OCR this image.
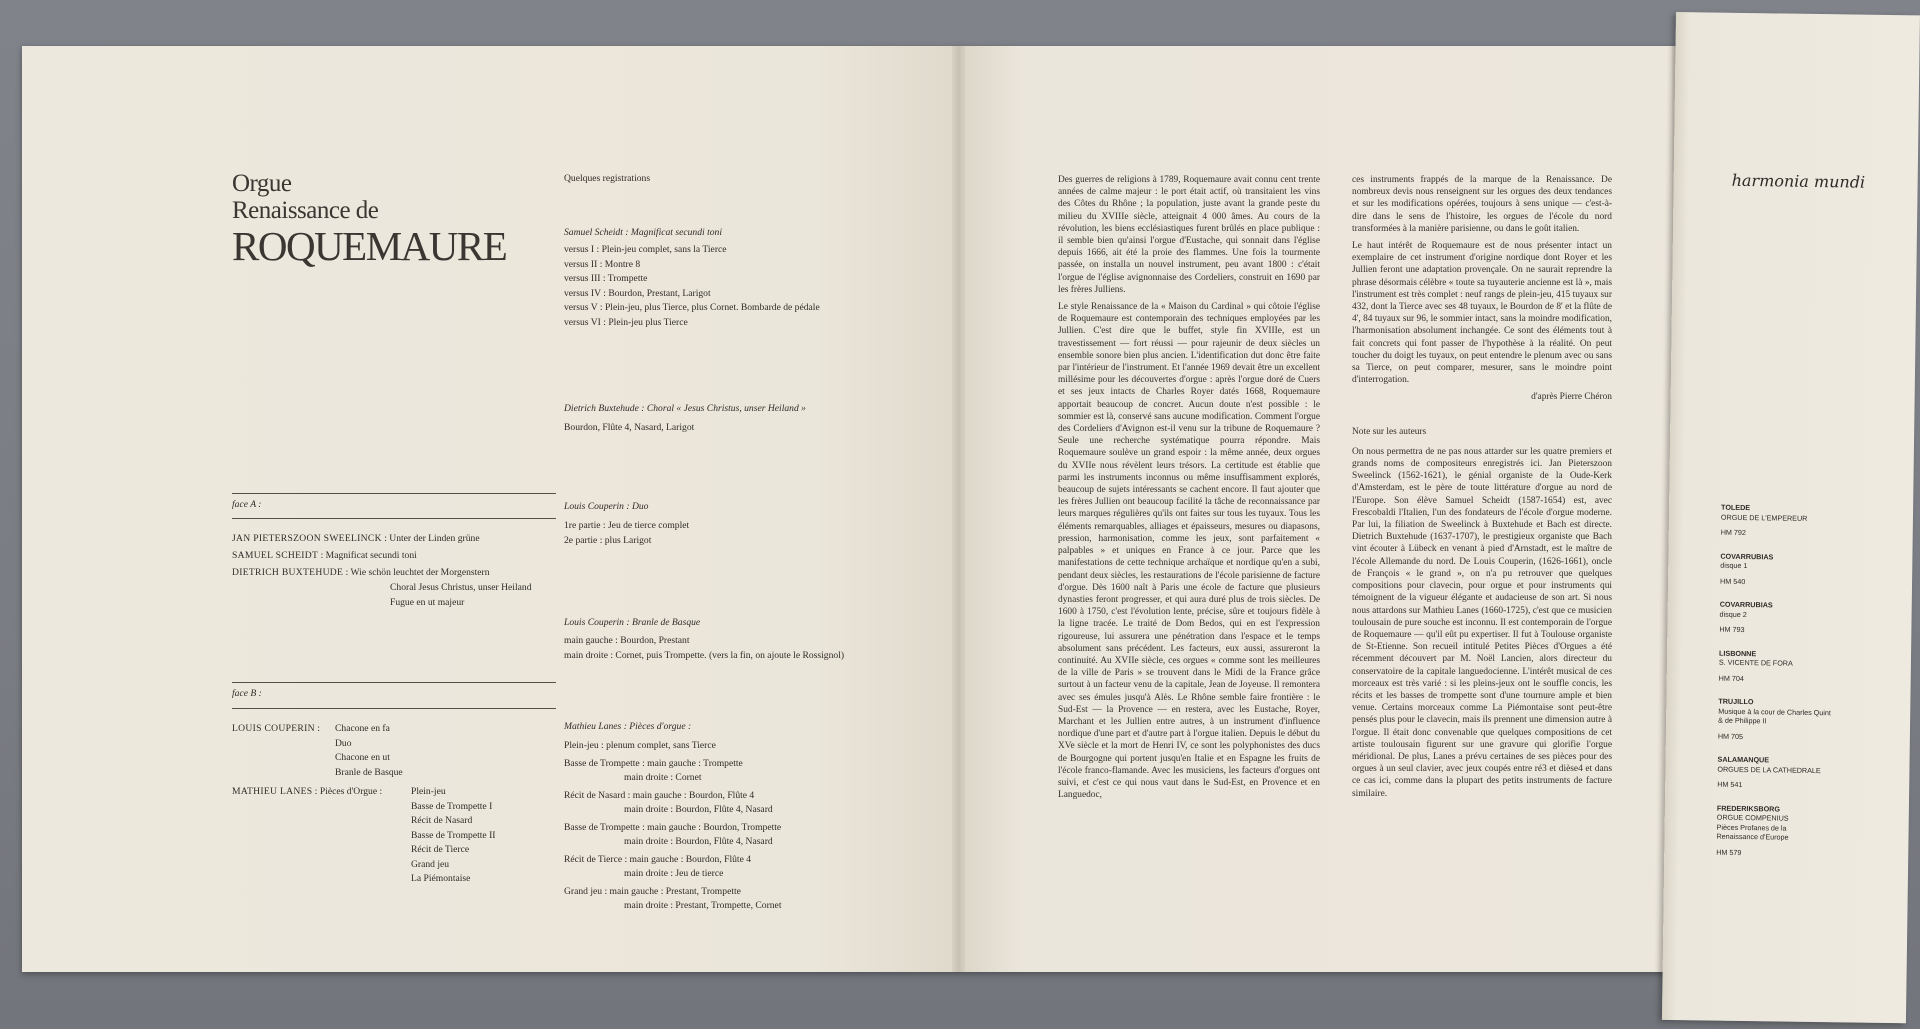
Orgue
Renaissance de
ROQUEMAURE
Quelques registrations
Samuel Scheidt : Magnificat secundi toni
versus I : Plein-jeu complet, sans la Tierce
versus II : Montre 8
versus III : Trompette
versus IV : Bourdon, Prestant, Larigot
versus V : Plein-jeu, plus Tierce, plus Cornet. Bombarde de pédale
versus VI : Plein-jeu plus Tierce
Dietrich Buxtehude : Choral « Jesus Christus, unser Heiland »
Bourdon, Flûte 4, Nasard, Larigot
Louis Couperin : Duo
1re partie : Jeu de tierce complet
2e partie : plus Larigot
Louis Couperin : Branle de Basque
main gauche : Bourdon, Prestant
main droite : Cornet, puis Trompette. (vers la fin, on ajoute le Rossignol)
Mathieu Lanes : Pièces d'orgue :
Plein-jeu : plenum complet, sans Tierce
Basse de Trompette : main gauche : Trompette
main droite : Cornet
Récit de Nasard : main gauche : Bourdon, Flûte 4
main droite : Bourdon, Flûte 4, Nasard
Basse de Trompette : main gauche : Bourdon, Trompette
main droite : Bourdon, Flûte 4, Nasard
Récit de Tierce : main gauche : Bourdon, Flûte 4
main droite : Jeu de tierce
Grand jeu : main gauche : Prestant, Trompette
main droite : Prestant, Trompette, Cornet
face A :
JAN PIETERSZOON SWEELINCK : Unter der Linden grüne
SAMUEL SCHEIDT : Magnificat secundi toni
DIETRICH BUXTEHUDE : Wie schön leuchtet der Morgenstern
Choral Jesus Christus, unser Heiland
Fugue en ut majeur
face B :
LOUIS COUPERIN : Chacone en fa
Duo
Chacone en ut
Branle de Basque
MATHIEU LANES : Pièces d'Orgue :	Plein-jeu
Basse de Trompette I
Récit de Nasard
Basse de Trompette II
Récit de Tierce
Grand jeu
La Piémontaise

Des guerres de religions à 1789, Roquemaure avait connu cent trente années de calme majeur : le port était actif, où transitaient les vins des Côtes du Rhône ; la population, juste avant la grande peste du milieu du XVIIIe siècle, atteignait 4 000 âmes. Au cours de la révolution, les biens ecclésiastiques furent brûlés en place publique : il semble bien qu'ainsi l'orgue d'Eustache, qui sonnait dans l'église depuis 1666, ait été la proie des flammes. Une fois la tourmente passée, on installa un nouvel instrument, peu avant 1800 : c'était l'orgue de l'église avignonnaise des Cordeliers, construit en 1690 par les frères Julliens.

Le style Renaissance de la « Maison du Cardinal » qui côtoie l'église de Roquemaure est contemporain des techniques employées par les Jullien. C'est dire que le buffet, style fin XVIIIe, est un travestissement — fort réussi — pour rajeunir de deux siècles un ensemble sonore bien plus ancien. L'identification dut donc être faite par l'intérieur de l'instrument. Et l'année 1969 devait être un excellent millésime pour les découvertes d'orgue : après l'orgue doré de Cuers et ses jeux intacts de Charles Royer datés 1668, Roquemaure apportait beaucoup de concret. Aucun doute n'est possible : le sommier est là, conservé sans aucune modification. Comment l'orgue des Cordeliers d'Avignon est-il venu sur la tribune de Roquemaure ? Seule une recherche systématique pourra répondre. Mais Roquemaure soulève un grand espoir : la même année, deux orgues du XVIIe nous révèlent leurs trésors. La certitude est établie que parmi les instruments inconnus ou même insuffisamment explorés, beaucoup de sujets intéressants se cachent encore. Il faut ajouter que les frères Jullien ont beaucoup facilité la tâche de reconnaissance par leurs marques régulières qu'ils ont faites sur tous les tuyaux. Tous les éléments remarquables, alliages et épaisseurs, mesures ou diapasons, pression, harmonisation, comme les jeux, sont parfaitement « palpables » et uniques en France à ce jour. Parce que les manifestations de cette technique archaïque et nordique qu'en a subi, pendant deux siècles, les restaurations de l'école parisienne de facture d'orgue. Dès 1600 naît à Paris une école de facture que plusieurs dynasties feront progresser, et qui aura duré plus de trois siècles. De 1600 à 1750, c'est l'évolution lente, précise, sûre et toujours fidèle à la ligne tracée. Le traité de Dom Bedos, qui en est l'expression rigoureuse, lui assurera une pénétration dans l'espace et le temps absolument sans précédent. Les facteurs, eux aussi, assureront la continuité. Au XVIIe siècle, ces orgues « comme sont les meilleures de la ville de Paris » se trouvent dans le Midi de la France grâce surtout à un facteur venu de la capitale, Jean de Joyeuse. Il remontera avec ses émules jusqu'à Alès. Le Rhône semble faire frontière : le Sud-Est — la Provence — en restera, avec les Eustache, Royer, Marchant et les Jullien entre autres, à un instrument d'influence nordique d'une part et d'autre part à l'orgue italien. Depuis le début du XVe siècle et la mort de Henri IV, ce sont les polyphonistes des ducs de Bourgogne qui portent jusqu'en Italie et en Espagne les fruits de l'école franco-flamande. Avec les musiciens, les facteurs d'orgues ont suivi, et c'est ce qui nous vaut dans le Sud-Est, en Provence et en Languedoc,

ces instruments frappés de la marque de la Renaissance. De nombreux devis nous renseignent sur les orgues des deux tendances et sur les modifications opérées, toujours à sens unique — c'est-à-dire dans le sens de l'histoire, les orgues de l'école du nord transformées à la manière parisienne, ou dans le goût italien.

Le haut intérêt de Roquemaure est de nous présenter intact un exemplaire de cet instrument d'origine nordique dont Royer et les Jullien feront une adaptation provençale. On ne saurait reprendre la phrase désormais célèbre « toute sa tuyauterie ancienne est là », mais l'instrument est très complet : neuf rangs de plein-jeu, 415 tuyaux sur 432, dont la Tierce avec ses 48 tuyaux, le Bourdon de 8' et la flûte de 4', 84 tuyaux sur 96, le sommier intact, sans la moindre modification, l'harmonisation absolument inchangée. Ce sont des éléments tout à fait concrets qui font passer de l'hypothèse à la réalité. On peut toucher du doigt les tuyaux, on peut entendre le plenum avec ou sans sa Tierce, on peut comparer, mesurer, sans le moindre point d'interrogation.

d'après Pierre Chéron
Note sur les auteurs

On nous permettra de ne pas nous attarder sur les quatre premiers et grands noms de compositeurs enregistrés ici. Jan Pieterszoon Sweelinck (1562-1621), le génial organiste de la Oude-Kerk d'Amsterdam, est le père de toute littérature d'orgue au nord de l'Europe. Son élève Samuel Scheidt (1587-1654) est, avec Frescobaldi l'Italien, l'un des fondateurs de l'école d'orgue moderne. Par lui, la filiation de Sweelinck à Buxtehude et Bach est directe. Dietrich Buxtehude (1637-1707), le prestigieux organiste que Bach vint écouter à Lübeck en venant à pied d'Arnstadt, est le maître de l'école Allemande du nord. De Louis Couperin, (1626-1661), oncle de François « le grand », on n'a pu retrouver que quelques compositions pour clavecin, pour orgue et pour instruments qui témoignent de la vigueur élégante et audacieuse de son art. Si nous nous attardons sur Mathieu Lanes (1660-1725), c'est que ce musicien toulousain de pure souche est inconnu. Il est contemporain de l'orgue de Roquemaure — qu'il eût pu expertiser. Il fut à Toulouse organiste de St-Etienne. Son recueil intitulé Petites Pièces d'Orgues a été récemment découvert par M. Noël Lancien, alors directeur du conservatoire de la capitale languedocienne. L'intérêt musical de ces morceaux est très varié : si les pleins-jeux ont le souffle concis, les récits et les basses de trompette sont d'une tournure ample et bien venue. Certains morceaux comme La Piémontaise sont peut-être pensés plus pour le clavecin, mais ils prennent une dimension autre à l'orgue. Il était donc convenable que quelques compositions de cet artiste toulousain figurent sur une gravure qui glorifie l'orgue méridional. De plus, Lanes a prévu certaines de ses pièces pour des orgues à un seul clavier, avec jeux coupés entre ré3 et dièse4 et dans ce cas ici, comme dans la plupart des petits instruments de facture similaire.

harmonia mundi
TOLEDE
ORGUE DE L'EMPEREUR
HM 792
COVARRUBIAS
disque 1
HM 540
COVARRUBIAS
disque 2
HM 793
LISBONNE
S. VICENTE DE FORA
HM 704
TRUJILLO
Musique à la cour de Charles Quint
& de Philippe II
HM 705
SALAMANQUE
ORGUES DE LA CATHEDRALE
HM 541
FREDERIKSBORG
ORGUE COMPENIUS
Pièces Profanes de la
Renaissance d'Europe
HM 579
